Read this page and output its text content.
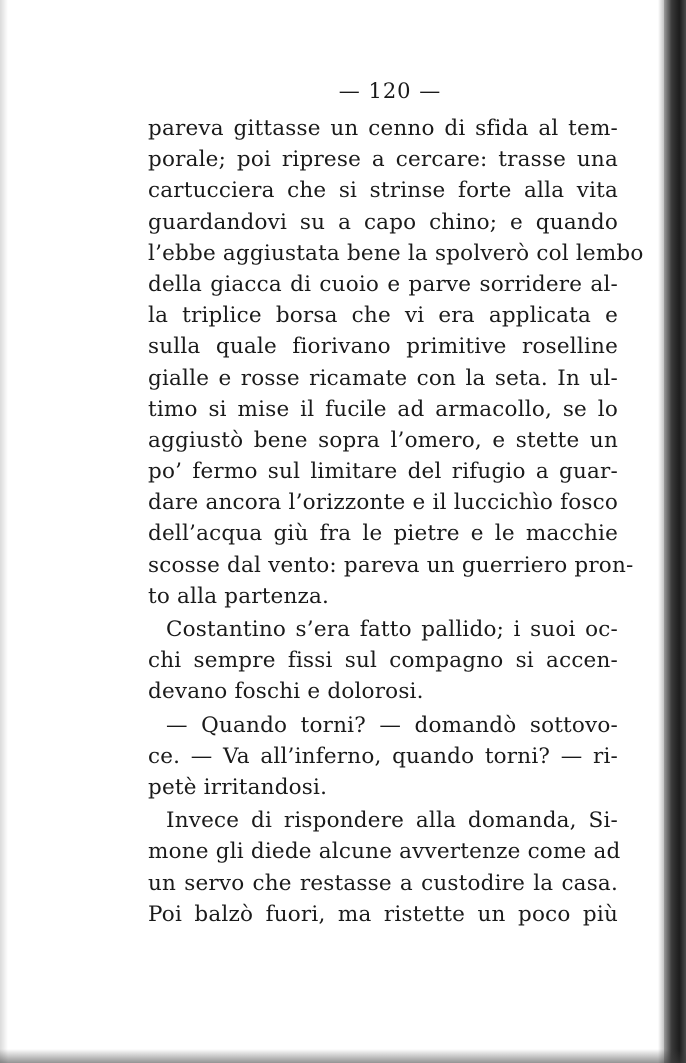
— 120 —
pareva gittasse un cenno di sfida al tem-
porale; poi riprese a cercare: trasse una
cartucciera che si strinse forte alla vita
guardandovi su a capo chino; e quando
l’ebbe aggiustata bene la spolverò col lembo
della giacca di cuoio e parve sorridere al-
la triplice borsa che vi era applicata e
sulla quale fiorivano primitive roselline
gialle e rosse ricamate con la seta. In ul-
timo si mise il fucile ad armacollo, se lo
aggiustò bene sopra l’omero, e stette un
po’ fermo sul limitare del rifugio a guar-
dare ancora l’orizzonte e il luccichìo fosco
dell’acqua giù fra le pietre e le macchie
scosse dal vento: pareva un guerriero pron-
to alla partenza.
Costantino s’era fatto pallido; i suoi oc-
chi sempre fissi sul compagno si accen-
devano foschi e dolorosi.
— Quando torni? — domandò sottovo-
ce. — Va all’inferno, quando torni? — ri-
petè irritandosi.
Invece di rispondere alla domanda, Si-
mone gli diede alcune avvertenze come ad
un servo che restasse a custodire la casa.
Poi balzò fuori, ma ristette un poco più
